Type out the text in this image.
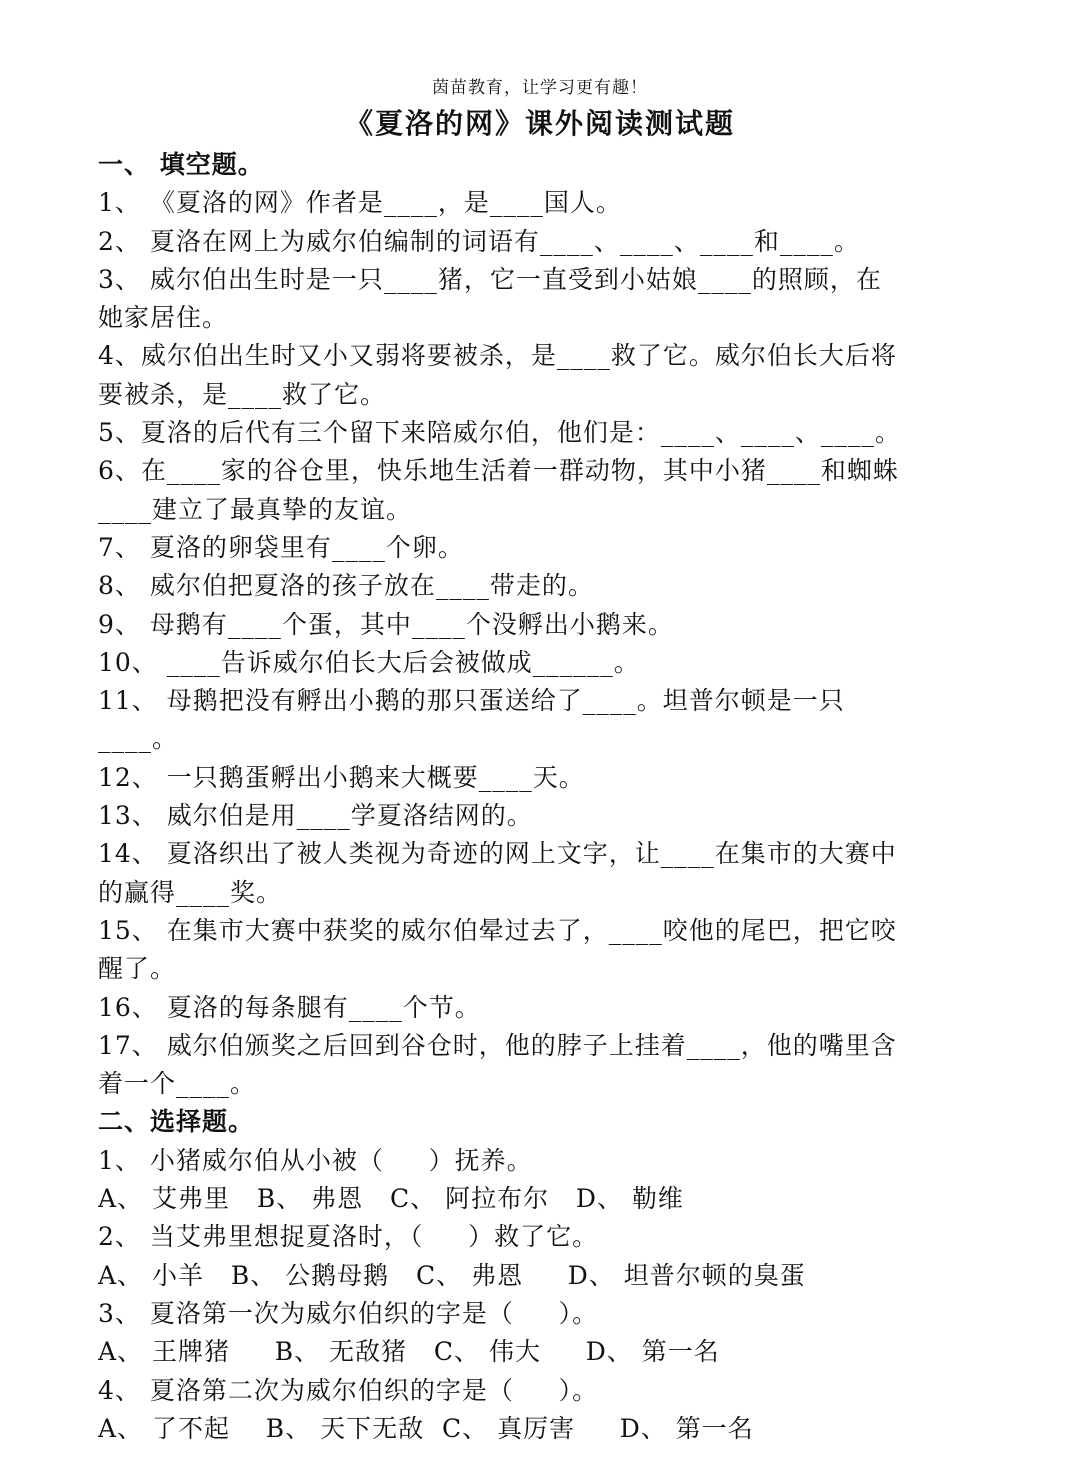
茵苗教育，让学习更有趣！
《夏洛的网》课外阅读测试题
一、 填空题。
1、 《夏洛的网》作者是____，是____国人。
2、 夏洛在网上为威尔伯编制的词语有____、____、____和____。
3、 威尔伯出生时是一只____猪，它一直受到小姑娘____的照顾，在
她家居住。
4、威尔伯出生时又小又弱将要被杀，是____救了它。威尔伯长大后将
要被杀，是____救了它。
5、夏洛的后代有三个留下来陪威尔伯，他们是：____、____、____。
6、在____家的谷仓里，快乐地生活着一群动物，其中小猪____和蜘蛛
____建立了最真挚的友谊。
7、 夏洛的卵袋里有____个卵。
8、 威尔伯把夏洛的孩子放在____带走的。
9、 母鹅有____个蛋，其中____个没孵出小鹅来。
10、 ____告诉威尔伯长大后会被做成______。
11、 母鹅把没有孵出小鹅的那只蛋送给了____。坦普尔顿是一只
____。
12、 一只鹅蛋孵出小鹅来大概要____天。
13、 威尔伯是用____学夏洛结网的。
14、 夏洛织出了被人类视为奇迹的网上文字，让____在集市的大赛中
的赢得____奖。
15、 在集市大赛中获奖的威尔伯晕过去了，____咬他的尾巴，把它咬
醒了。
16、 夏洛的每条腿有____个节。
17、 威尔伯颁奖之后回到谷仓时，他的脖子上挂着____，他的嘴里含
着一个____。
二、选择题。
1、 小猪威尔伯从小被（     ）抚养。
A、 艾弗里   B、 弗恩   C、 阿拉布尔   D、 勒维
2、 当艾弗里想捉夏洛时，（     ）救了它。
A、 小羊   B、 公鹅母鹅   C、 弗恩     D、 坦普尔顿的臭蛋
3、 夏洛第一次为威尔伯织的字是（     ）。
A、 王牌猪     B、 无敌猪   C、 伟大     D、 第一名
4、 夏洛第二次为威尔伯织的字是（     ）。
A、 了不起    B、 天下无敌  C、 真厉害     D、 第一名
